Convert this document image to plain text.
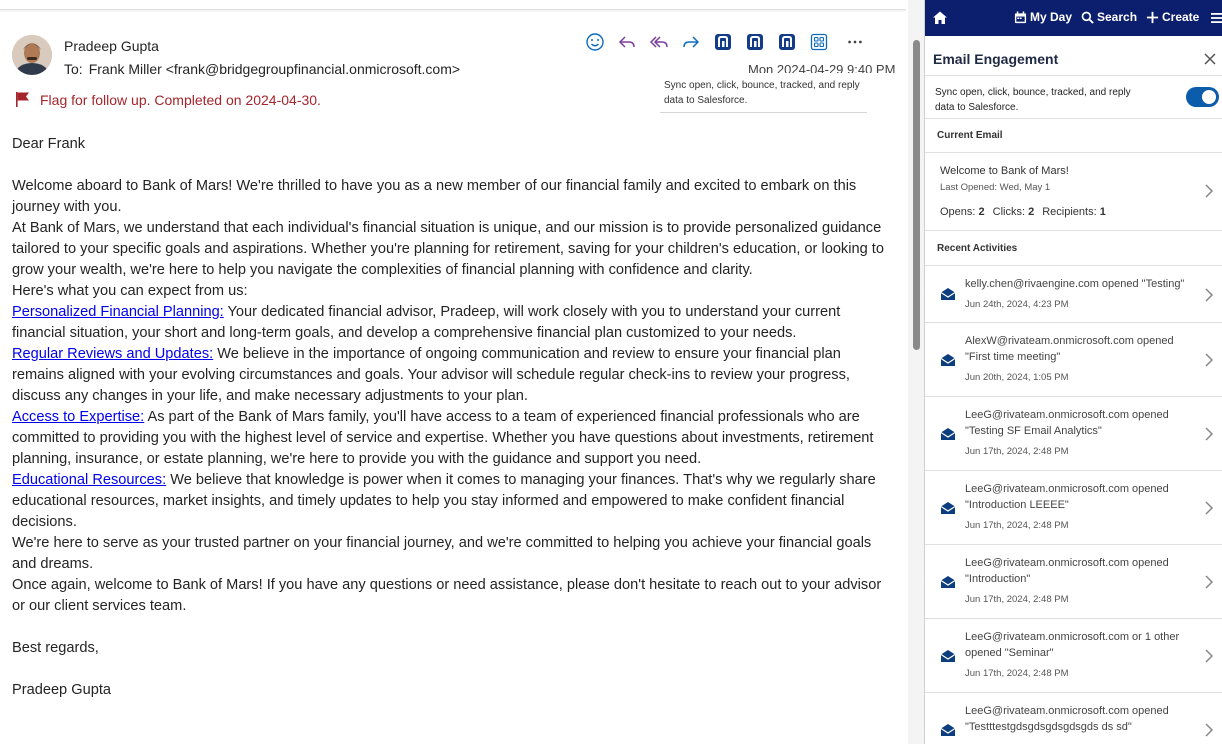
Pradeep Gupta
To: Frank Miller <frank@bridgegroupfinancial.onmicrosoft.com>	Mon 2024-04-29 9:40 PM
Sync open, click, bounce, tracked, and reply data to Salesforce.
Flag for follow up. Completed on 2024-04-30.

Dear Frank

Welcome aboard to Bank of Mars! We're thrilled to have you as a new member of our financial family and excited to embark on this journey with you.

At Bank of Mars, we understand that each individual's financial situation is unique, and our mission is to provide personalized guidance tailored to your specific goals and aspirations. Whether you're planning for retirement, saving for your children's education, or looking to grow your wealth, we're here to help you navigate the complexities of financial planning with confidence and clarity.

Here's what you can expect from us:

Personalized Financial Planning: Your dedicated financial advisor, Pradeep, will work closely with you to understand your current financial situation, your short and long-term goals, and develop a comprehensive financial plan customized to your needs.

Regular Reviews and Updates: We believe in the importance of ongoing communication and review to ensure your financial plan remains aligned with your evolving circumstances and goals. Your advisor will schedule regular check-ins to review your progress, discuss any changes in your life, and make necessary adjustments to your plan.

Access to Expertise: As part of the Bank of Mars family, you'll have access to a team of experienced financial professionals who are committed to providing you with the highest level of service and expertise. Whether you have questions about investments, retirement planning, insurance, or estate planning, we're here to provide you with the guidance and support you need.

Educational Resources: We believe that knowledge is power when it comes to managing your finances. That's why we regularly share educational resources, market insights, and timely updates to help you stay informed and empowered to make confident financial decisions.

We're here to serve as your trusted partner on your financial journey, and we're committed to helping you achieve your financial goals and dreams.

Once again, welcome to Bank of Mars! If you have any questions or need assistance, please don't hesitate to reach out to your advisor or our client services team.

Best regards,

Pradeep Gupta

My Day Search Create
Email Engagement
Sync open, click, bounce, tracked, and reply data to Salesforce.
Current Email
Welcome to Bank of Mars!
Last Opened: Wed, May 1
Opens: 2 Clicks: 2 Recipients: 1
Recent Activities
kelly.chen@rivaengine.com opened "Testing"
Jun 24th, 2024, 4:23 PM
AlexW@rivateam.onmicrosoft.com opened "First time meeting"
Jun 20th, 2024, 1:05 PM
LeeG@rivateam.onmicrosoft.com opened "Testing SF Email Analytics"
Jun 17th, 2024, 2:48 PM
LeeG@rivateam.onmicrosoft.com opened "Introduction LEEEE"
Jun 17th, 2024, 2:48 PM
LeeG@rivateam.onmicrosoft.com opened "Introduction"
Jun 17th, 2024, 2:48 PM
LeeG@rivateam.onmicrosoft.com or 1 other opened "Seminar"
Jun 17th, 2024, 2:48 PM
LeeG@rivateam.onmicrosoft.com opened "Testttestgdsgdsgdsgdsgds ds sd"
